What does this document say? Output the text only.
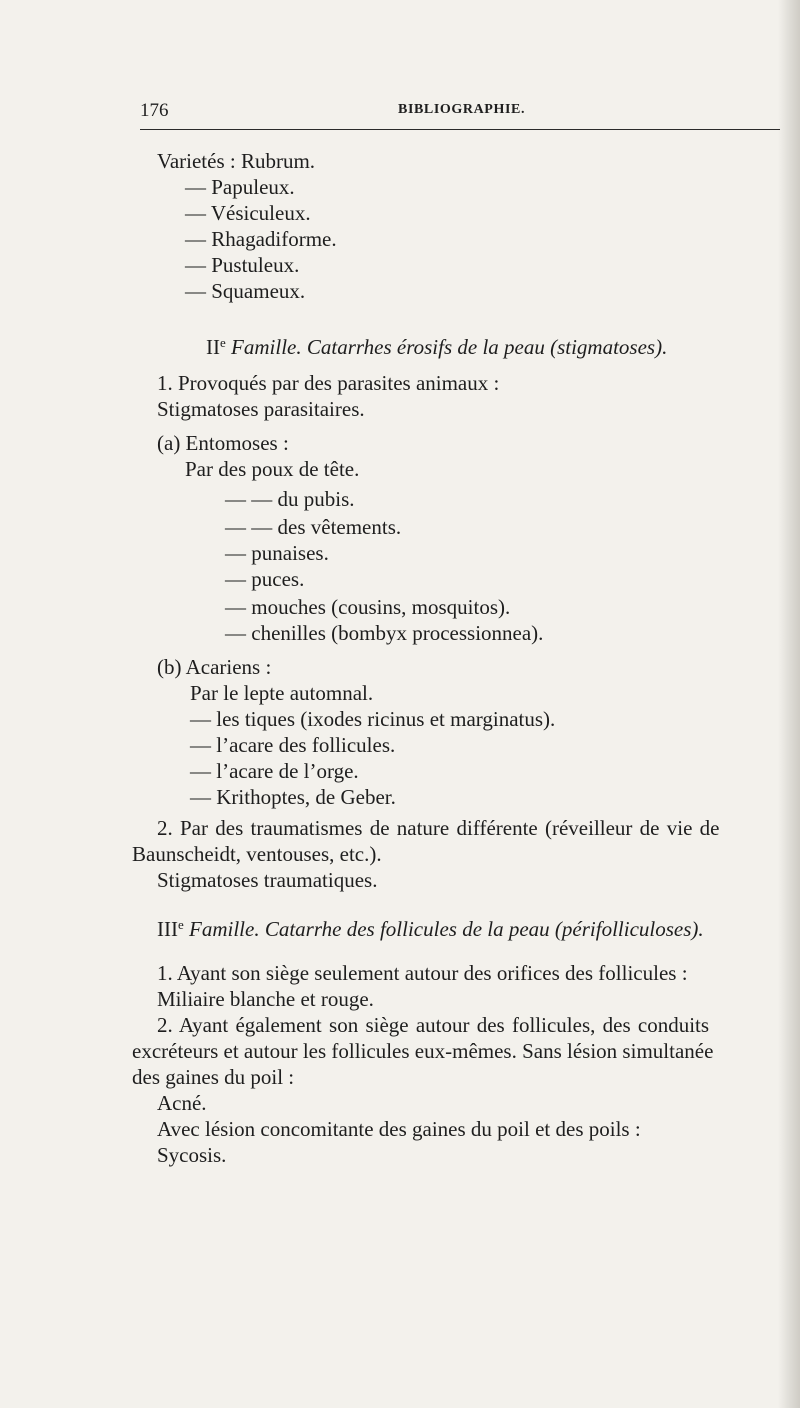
176	BIBLIOGRAPHIE.
Varietés : Rubrum.
— Papuleux.
— Vésiculeux.
— Rhagadiforme.
— Pustuleux.
— Squameux.
IIe Famille. Catarrhes érosifs de la peau (stigmatoses).
1. Provoqués par des parasites animaux :
Stigmatoses parasitaires.
(a) Entomoses :
Par des poux de tête.
— — du pubis.
— — des vêtements.
— punaises.
— puces.
— mouches (cousins, mosquitos).
— chenilles (bombyx processionnea).
(b) Acariens :
Par le lepte automnal.
— les tiques (ixodes ricinus et marginatus).
— l’acare des follicules.
— l’acare de l’orge.
— Krithoptes, de Geber.
2. Par des traumatismes de nature différente (réveilleur de vie de
Baunscheidt, ventouses, etc.).
Stigmatoses traumatiques.
IIIe Famille. Catarrhe des follicules de la peau (périfolliculoses).
1. Ayant son siège seulement autour des orifices des follicules :
Miliaire blanche et rouge.
2. Ayant également son siège autour des follicules, des conduits
excréteurs et autour les follicules eux-mêmes. Sans lésion simultanée
des gaines du poil :
Acné.
Avec lésion concomitante des gaines du poil et des poils :
Sycosis.
